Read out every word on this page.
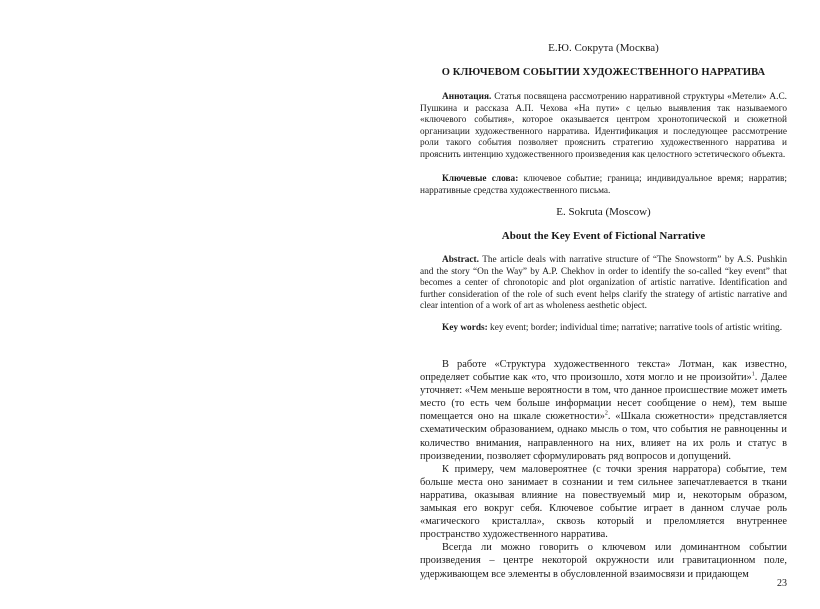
Е.Ю. Сокрута (Москва)
О КЛЮЧЕВОМ СОБЫТИИ ХУДОЖЕСТВЕННОГО НАРРАТИВА

Аннотация. Статья посвящена рассмотрению нарративной структуры «Метели» А.С. Пушкина и рассказа А.П. Чехова «На пути» с целью выявления так называемого «ключевого события», которое оказывается центром хронотопической и сюжетной организации художественного нарратива. Идентификация и последующее рассмотрение роли такого события позволяет прояснить стратегию художественного нарратива и прояснить интенцию художественного произведения как целостного эстетического объекта.

Ключевые слова: ключевое событие; граница; индивидуальное время; нарратив; нарративные средства художественного письма.

E. Sokruta (Moscow)
About the Key Event of Fictional Narrative

Abstract. The article deals with narrative structure of “The Snowstorm” by A.S. Pushkin and the story “On the Way” by A.P. Chekhov in order to identify the so-called “key event” that becomes a center of chronotopic and plot organization of artistic narrative. Identification and further consideration of the role of such event helps clarify the strategy of artistic narrative and clear intention of a work of art as wholeness aesthetic object.

Key words: key event; border; individual time; narrative; narrative tools of artistic writing.

В работе «Структура художественного текста» Лотман, как известно, определяет событие как «то, что произошло, хотя могло и не произойти»$^1$. Далее уточняет: «Чем меньше вероятности в том, что данное происшествие может иметь место (то есть чем больше информации несет сообщение о нем), тем выше помещается оно на шкале сюжетности»$^2$. «Шкала сюжетности» представляется схематическим образованием, однако мысль о том, что события не равноценны и количество внимания, направленного на них, влияет на их роль и статус в произведении, позволяет сформулировать ряд вопросов и допущений.

К примеру, чем маловероятнее (с точки зрения нарратора) событие, тем больше места оно занимает в сознании и тем сильнее запечатлевается в ткани нарратива, оказывая влияние на повествуемый мир и, некоторым образом, замыкая его вокруг себя. Ключевое событие играет в данном случае роль «магического кристалла», сквозь который и преломляется внутреннее пространство художественного нарратива.

Всегда ли можно говорить о ключевом или доминантном событии произведения – центре некоторой окружности или гравитационном поле, удерживающем все элементы в обусловленной взаимосвязи и придающем

23
